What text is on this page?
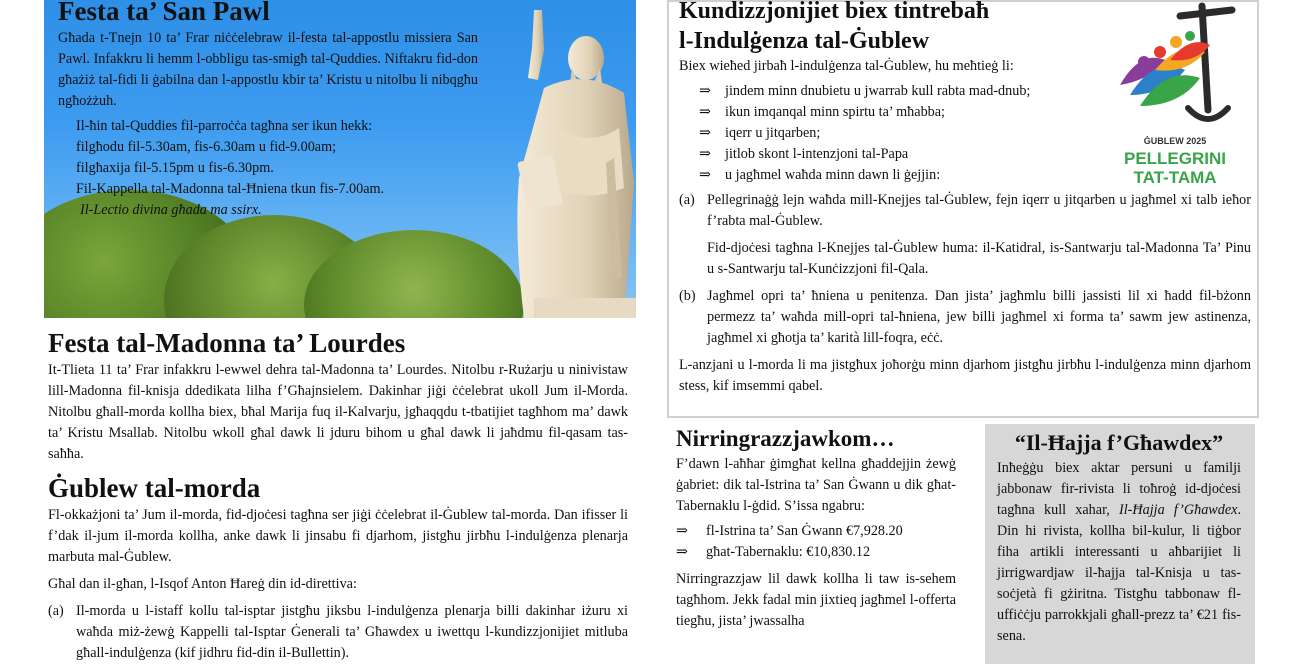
Festa ta’ San Pawl

Għada t-Tnejn 10 ta’ Frar niċċelebraw il-festa tal-appostlu missiera San Pawl. Infakkru li hemm l-obbligu tas-smigħ tal-Quddies. Niftakru fid-don għażiż tal-fidi li ġabilna dan l-appostlu kbir ta’ Kristu u nitolbu li nibqgħu ngħożżuh.

Il-ħin tal-Quddies fil-parroċċa tagħna ser ikun hekk:

filgħodu fil-5.30am, fis-6.30am u fid-9.00am;

filgħaxija fil-5.15pm u fis-6.30pm.

Fil-Kappella tal-Madonna tal-Ħniena tkun fis-7.00am.

Il-Lectio divina għada ma ssirx.

Festa tal-Madonna ta’ Lourdes

It-Tlieta 11 ta’ Frar infakkru l-ewwel dehra tal-Madonna ta’ Lourdes. Nitolbu r-Rużarju u ninivistaw lill-Madonna fil-knisja ddedikata lilha f’Għajnsielem. Dakinhar jiġi ċċelebrat ukoll Jum il-Morda. Nitolbu għall-morda kollha biex, bħal Marija fuq il-Kalvarju, jgħaqqdu t-tbatijiet tagħhom ma’ dawk ta’ Kristu Msallab. Nitolbu wkoll għal dawk li jduru bihom u għal dawk li jaħdmu fil-qasam tas-saħħa.

Ġublew tal-morda

Fl-okkażjoni ta’ Jum il-morda, fid-djoċesi tagħna ser jiġi ċċelebrat il-Ġublew tal-morda. Dan ifisser li f’dak il-jum il-morda kollha, anke dawk li jinsabu fi djarhom, jistgħu jirbħu l-indulġenza plenarja marbuta mal-Ġublew.

Għal dan il-għan, l-Isqof Anton Ħareġ din id-direttiva:

(a) Il-morda u l-istaff kollu tal-isptar jistgħu jiksbu l-indulġenza plenarja billi dakinhar iżuru xi waħda miż-żewġ Kappelli tal-Isptar Ġenerali ta’ Għawdex u iwettqu l-kundizzjonijiet mitluba għall-indulġenza (kif jidhru fid-din il-Bullettin).
Kundizzjonijiet biex tintrebaħ
l-Indulġenza tal-Ġublew

Biex wieħed jirbaħ l-indulġenza tal-Ġublew, hu meħtieġ li:

⇒ jindem minn dnubietu u jwarrab kull rabta mad-dnub;
⇒ ikun imqanqal minn spirtu ta’ mħabba;
⇒ iqerr u jitqarben;
⇒ jitlob skont l-intenzjoni tal-Papa
⇒ u jagħmel waħda minn dawn li ġejjin:
(a) Pellegrinaġġ lejn waħda mill-Knejjes tal-Ġublew, fejn iqerr u jitqarben u jagħmel xi talb ieħor f’rabta mal-Ġublew.

Fid-djoċesi tagħna l-Knejjes tal-Ġublew huma: il-Katidral, is-Santwarju tal-Madonna Ta’ Pinu u s-Santwarju tal-Kunċizzjoni fil-Qala.

(b) Jagħmel opri ta’ ħniena u penitenza. Dan jista’ jagħmlu billi jassisti lil xi ħadd fil-bżonn permezz ta’ waħda mill-opri tal-ħniena, jew billi jagħmel xi forma ta’ sawm jew astinenza, jagħmel xi għotja ta’ karità lill-foqra, eċċ.

L-anzjani u l-morda li ma jistgħux joħorġu minn djarhom jistgħu jirbħu l-indulġenza minn djarhom stess, kif imsemmi qabel.

ĠUBLEW 2025
PELLEGRINI
TAT-TAMA
Nirringrazzjawkom…

F’dawn l-aħħar ġimgħat kellna għaddejjin żewġ ġabriet: dik tal-Istrina ta’ San Ġwann u dik għat-Tabernaklu l-ġdid. S’issa ngabru:

⇒	fl-Istrina ta’ San Ġwann €7,928.20
⇒	għat-Tabernaklu: €10,830.12

Nirringrazzjaw lil dawk kollha li taw is-sehem tagħhom. Jekk fadal min jixtieq jagħmel l-offerta tiegħu, jista’ jwassalha

“Il-Ħajja f’Għawdex”

Inħeġġu biex aktar persuni u familji jabbonaw fir-rivista li toħroġ id-djoċesi tagħna kull xahar, Il-Ħajja f’Għawdex. Din hi rivista, kollha bil-kulur, li tiġbor fiha artikli interessanti u aħbarijiet li jirrigwardjaw il-ħajja tal-Knisja u tas-soċjetà fi gżiritna. Tistgħu tabbonaw fl-uffiċċju parrokkjali għall-prezz ta’ €21 fis-sena.
